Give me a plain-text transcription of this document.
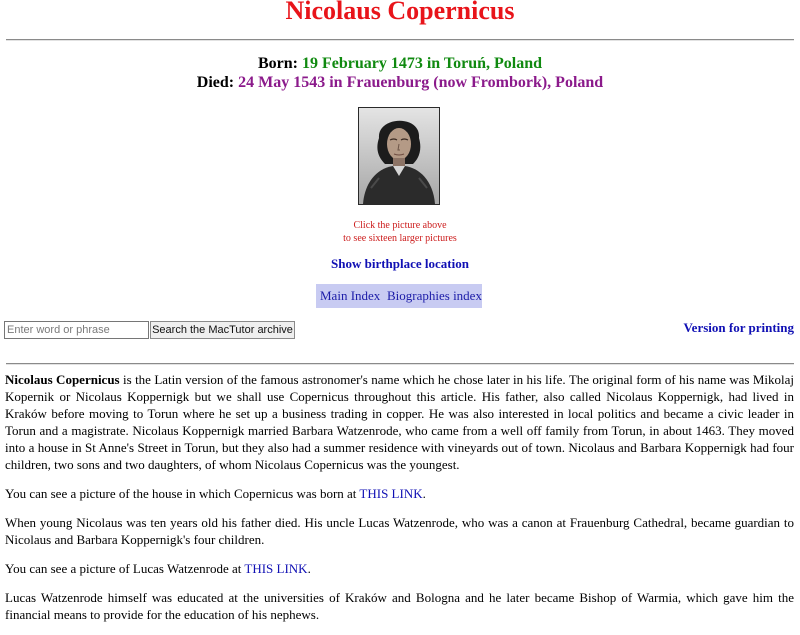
Nicolaus Copernicus
Born: 19 February 1473 in Toruń, Poland
Died: 24 May 1543 in Frauenburg (now Frombork), Poland
Click the picture above
to see sixteen larger pictures
Show birthplace location
Main Index Biographies index
Enter word or phrase
Search the MacTutor archive	Version for printing

Nicolaus Copernicus is the Latin version of the famous astronomer's name which he chose later in his life. The original form of his name was Mikolaj Kopernik or Nicolaus Koppernigk but we shall use Copernicus throughout this article. His father, also called Nicolaus Koppernigk, had lived in Kraków before moving to Torun where he set up a business trading in copper. He was also interested in local politics and became a civic leader in Torun and a magistrate. Nicolaus Koppernigk married Barbara Watzenrode, who came from a well off family from Torun, in about 1463. They moved into a house in St Anne's Street in Torun, but they also had a summer residence with vineyards out of town. Nicolaus and Barbara Koppernigk had four children, two sons and two daughters, of whom Nicolaus Copernicus was the youngest.

You can see a picture of the house in which Copernicus was born at THIS LINK.

When young Nicolaus was ten years old his father died. His uncle Lucas Watzenrode, who was a canon at Frauenburg Cathedral, became guardian to Nicolaus and Barbara Koppernigk's four children.

You can see a picture of Lucas Watzenrode at THIS LINK.

Lucas Watzenrode himself was educated at the universities of Kraków and Bologna and he later became Bishop of Warmia, which gave him the financial means to provide for the education of his nephews.
